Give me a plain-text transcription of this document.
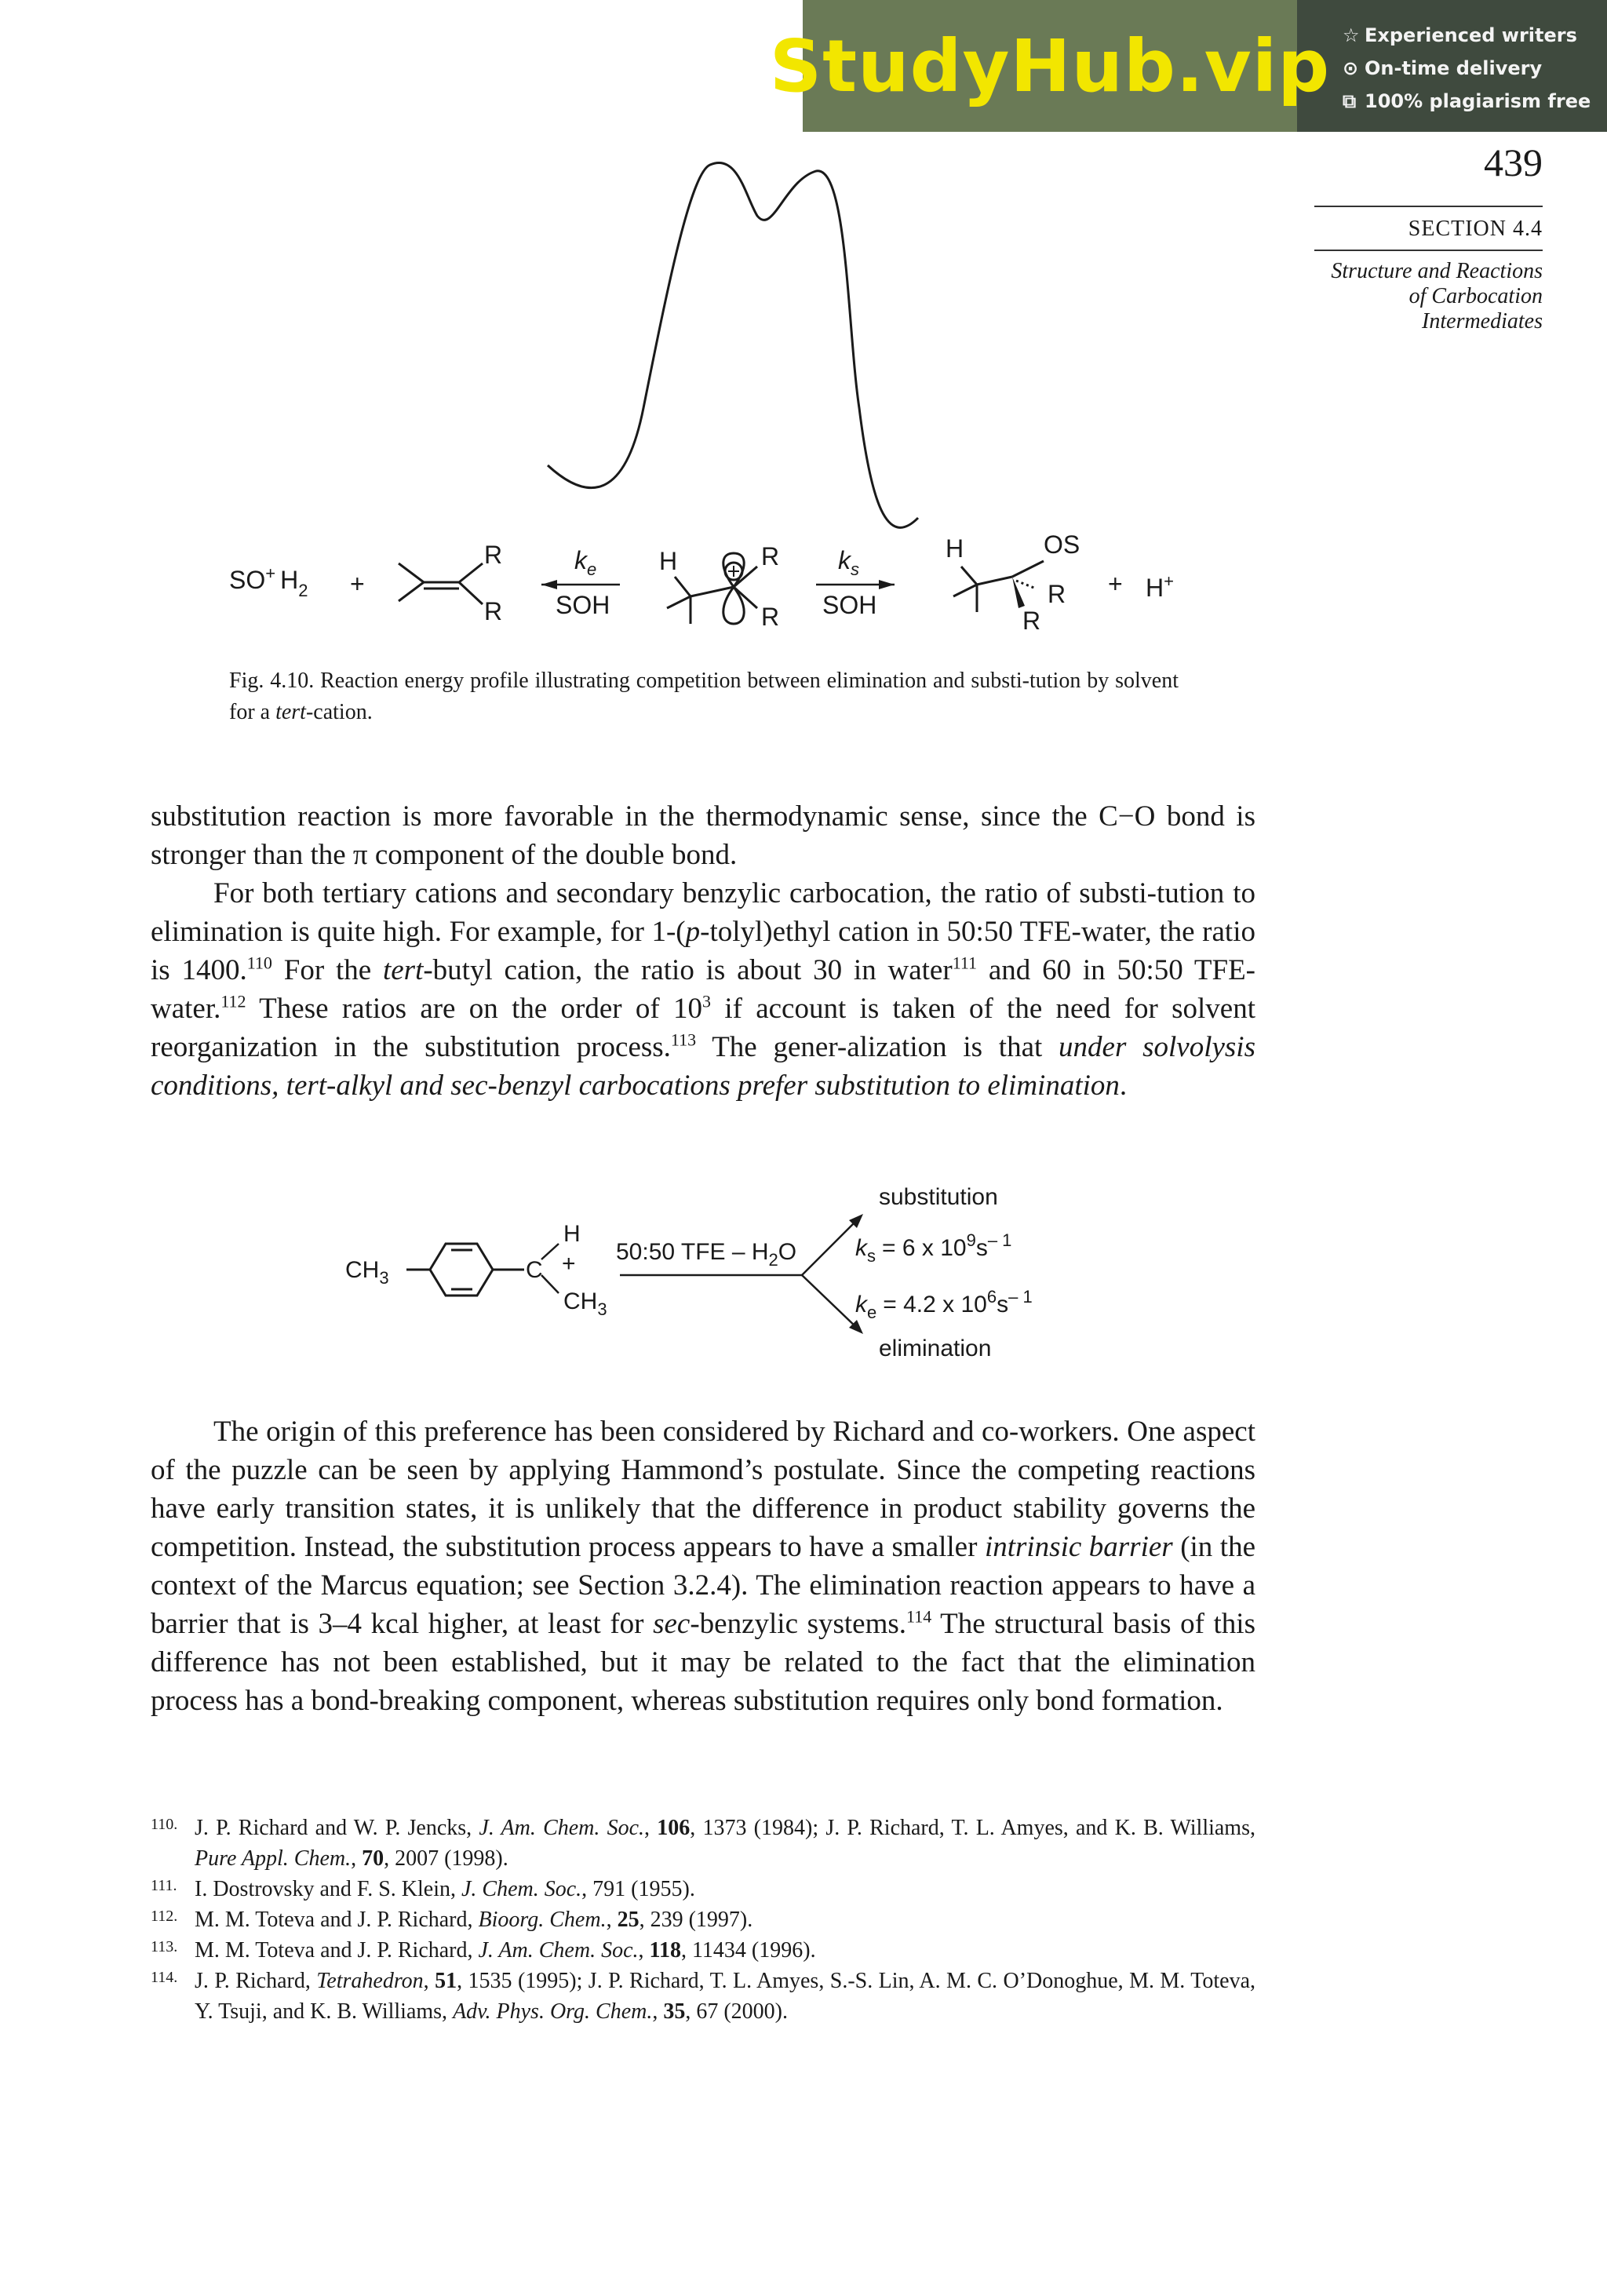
StudyHub.vip ☆ Experienced writers
⊙ On-time delivery
⧉ 100% plagiarism free
439
SECTION 4.4
Structure and Reactions
of Carbocation
Intermediates
SO+ $H_2$ +
R
R
$k_e$
SOH
H	R
R
$k_s$
SOH
H	OS
R
R
+ H+
Fig. 4.10. Reaction energy profile illustrating competition between elimination and substi-tution by solvent for a tert-cation.
substitution reaction is more favorable in the thermodynamic sense, since the C−O bond is stronger than the π component of the double bond.
For both tertiary cations and secondary benzylic carbocation, the ratio of substi-tution to elimination is quite high. For example, for 1-(p-tolyl)ethyl cation in 50:50 TFE-water, the ratio is 1400.$^{110}$ For the tert-butyl cation, the ratio is about 30 in water$^{111}$ and 60 in 50:50 TFE-water.$^{112}$ These ratios are on the order of $10^3$ if account is taken of the need for solvent reorganization in the substitution process.$^{113}$ The gener-alization is that under solvolysis conditions, tert-alkyl and sec-benzyl carbocations prefer substitution to elimination.
$CH_3$	C
H
+
$CH_3$
50:50 TFE – $H_2O$
substitution
$k_s = 6$ x $10^9s^{- 1}$
$k_e = 4.2$ x $10^6s^{- 1}$
elimination
The origin of this preference has been considered by Richard and co-workers. One aspect of the puzzle can be seen by applying Hammond’s postulate. Since the competing reactions have early transition states, it is unlikely that the difference in product stability governs the competition. Instead, the substitution process appears to have a smaller intrinsic barrier (in the context of the Marcus equation; see Section 3.2.4). The elimination reaction appears to have a barrier that is 3–4 kcal higher, at least for sec-benzylic systems.$^{114}$ The structural basis of this difference has not been established, but it may be related to the fact that the elimination process has a bond-breaking component, whereas substitution requires only bond formation.
110. J. P. Richard and W. P. Jencks, J. Am. Chem. Soc., 106, 1373 (1984); J. P. Richard, T. L. Amyes, and K. B. Williams, Pure Appl. Chem., 70, 2007 (1998).
111. I. Dostrovsky and F. S. Klein, J. Chem. Soc., 791 (1955).
112. M. M. Toteva and J. P. Richard, Bioorg. Chem., 25, 239 (1997).
113. M. M. Toteva and J. P. Richard, J. Am. Chem. Soc., 118, 11434 (1996).
114. J. P. Richard, Tetrahedron, 51, 1535 (1995); J. P. Richard, T. L. Amyes, S.-S. Lin, A. M. C. O’Donoghue, M. M. Toteva, Y. Tsuji, and K. B. Williams, Adv. Phys. Org. Chem., 35, 67 (2000).
